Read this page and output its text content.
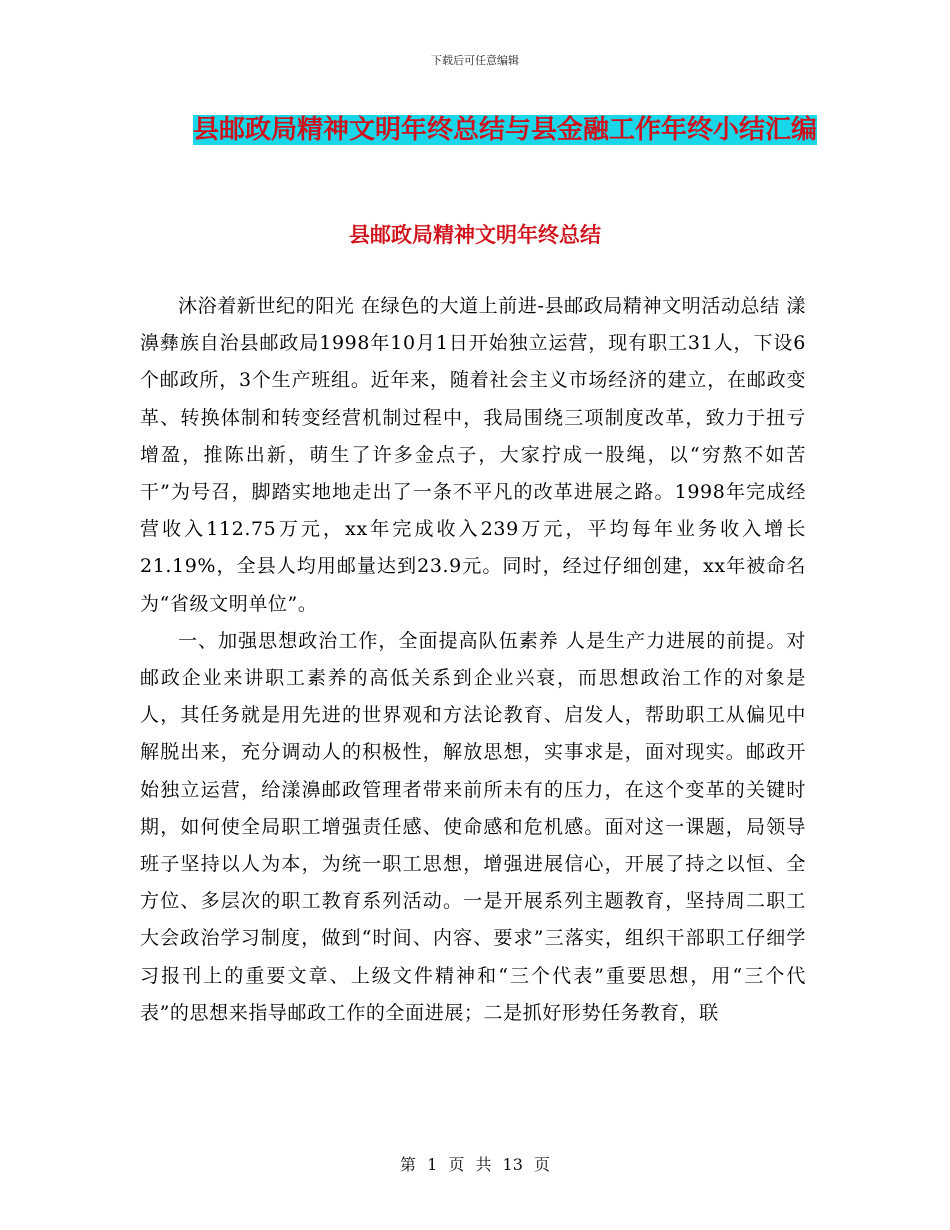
下载后可任意编辑
县邮政局精神文明年终总结与县金融工作年终小结汇编
县邮政局精神文明年终总结

沐浴着新世纪的阳光 在绿色的大道上前进-县邮政局精神文明活动总结 漾濞彝族自治县邮政局1998年10月1日开始独立运营，现有职工31人，下设6个邮政所，3个生产班组。近年来，随着社会主义市场经济的建立，在邮政变革、转换体制和转变经营机制过程中，我局围绕三项制度改革，致力于扭亏增盈，推陈出新，萌生了许多金点子，大家拧成一股绳，以“穷熬不如苦干”为号召，脚踏实地地走出了一条不平凡的改革进展之路。1998年完成经营收入112.75万元，xx年完成收入239万元，平均每年业务收入增长21.19%，全县人均用邮量达到23.9元。同时，经过仔细创建，xx年被命名为“省级文明单位”。

一、加强思想政治工作，全面提高队伍素养 人是生产力进展的前提。对邮政企业来讲职工素养的高低关系到企业兴衰，而思想政治工作的对象是人，其任务就是用先进的世界观和方法论教育、启发人，帮助职工从偏见中解脱出来，充分调动人的积极性，解放思想，实事求是，面对现实。邮政开始独立运营，给漾濞邮政管理者带来前所未有的压力，在这个变革的关键时期，如何使全局职工增强责任感、使命感和危机感。面对这一课题，局领导班子坚持以人为本，为统一职工思想，增强进展信心，开展了持之以恒、全方位、多层次的职工教育系列活动。一是开展系列主题教育，坚持周二职工大会政治学习制度，做到“时间、内容、要求”三落实，组织干部职工仔细学习报刊上的重要文章、上级文件精神和“三个代表”重要思想，用“三个代表”的思想来指导邮政工作的全面进展；二是抓好形势任务教育，联

第 1 页 共 13 页
